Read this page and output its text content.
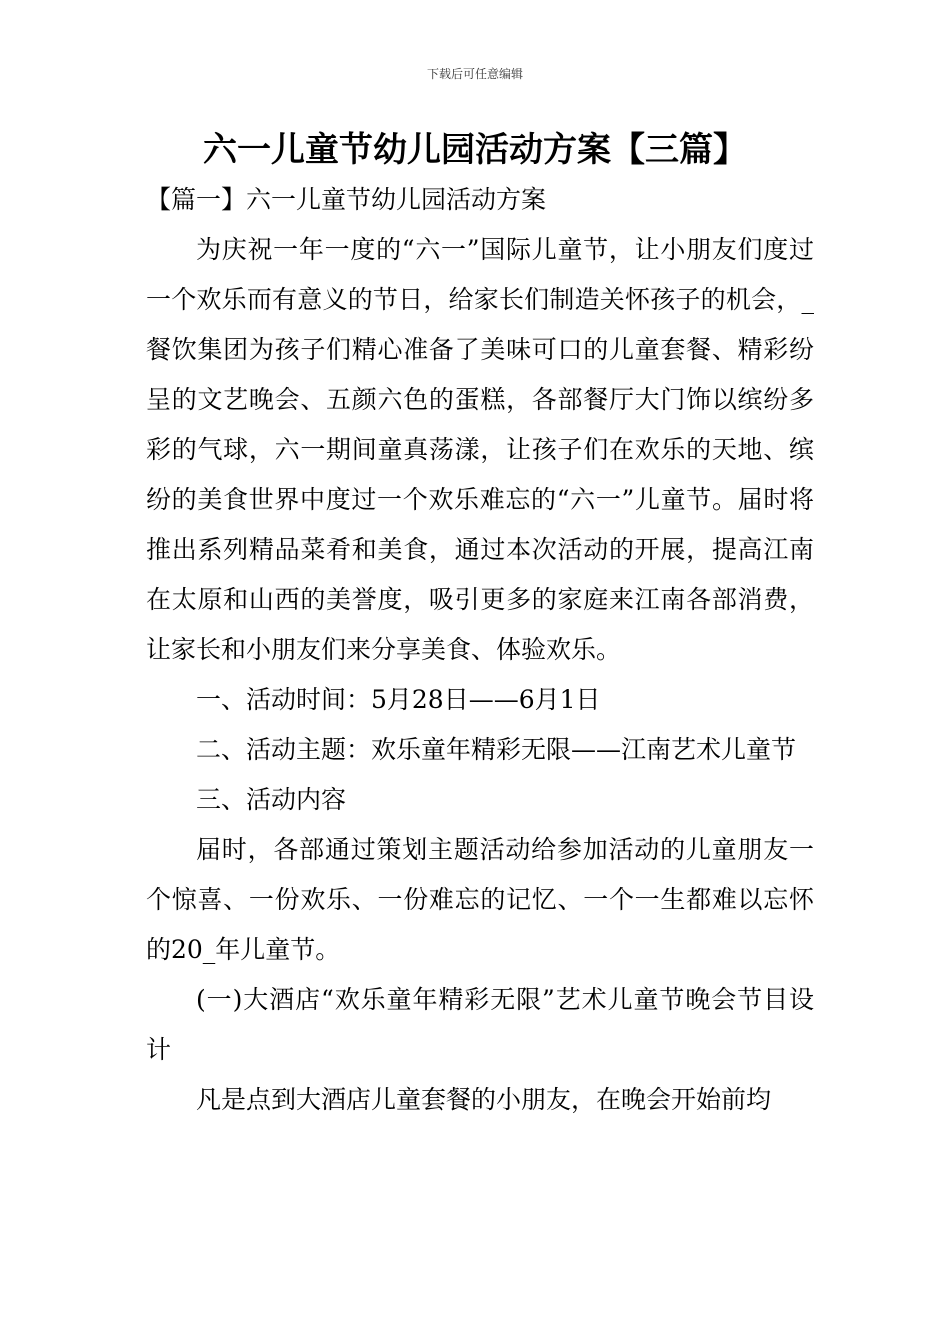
下载后可任意编辑
六一儿童节幼儿园活动方案【三篇】

【篇一】六一儿童节幼儿园活动方案

为庆祝一年一度的“六一”国际儿童节，让小朋友们度过一个欢乐而有意义的节日，给家长们制造关怀孩子的机会，_餐饮集团为孩子们精心准备了美味可口的儿童套餐、精彩纷呈的文艺晚会、五颜六色的蛋糕，各部餐厅大门饰以缤纷多彩的气球，六一期间童真荡漾，让孩子们在欢乐的天地、缤纷的美食世界中度过一个欢乐难忘的“六一”儿童节。届时将推出系列精品菜肴和美食，通过本次活动的开展，提高江南在太原和山西的美誉度，吸引更多的家庭来江南各部消费，让家长和小朋友们来分享美食、体验欢乐。

一、活动时间：5月28日——6月1日

二、活动主题：欢乐童年精彩无限——江南艺术儿童节

三、活动内容

届时，各部通过策划主题活动给参加活动的儿童朋友一个惊喜、一份欢乐、一份难忘的记忆、一个一生都难以忘怀的20_年儿童节。

(一)大酒店“欢乐童年精彩无限”艺术儿童节晚会节目设计

凡是点到大酒店儿童套餐的小朋友，在晚会开始前均
